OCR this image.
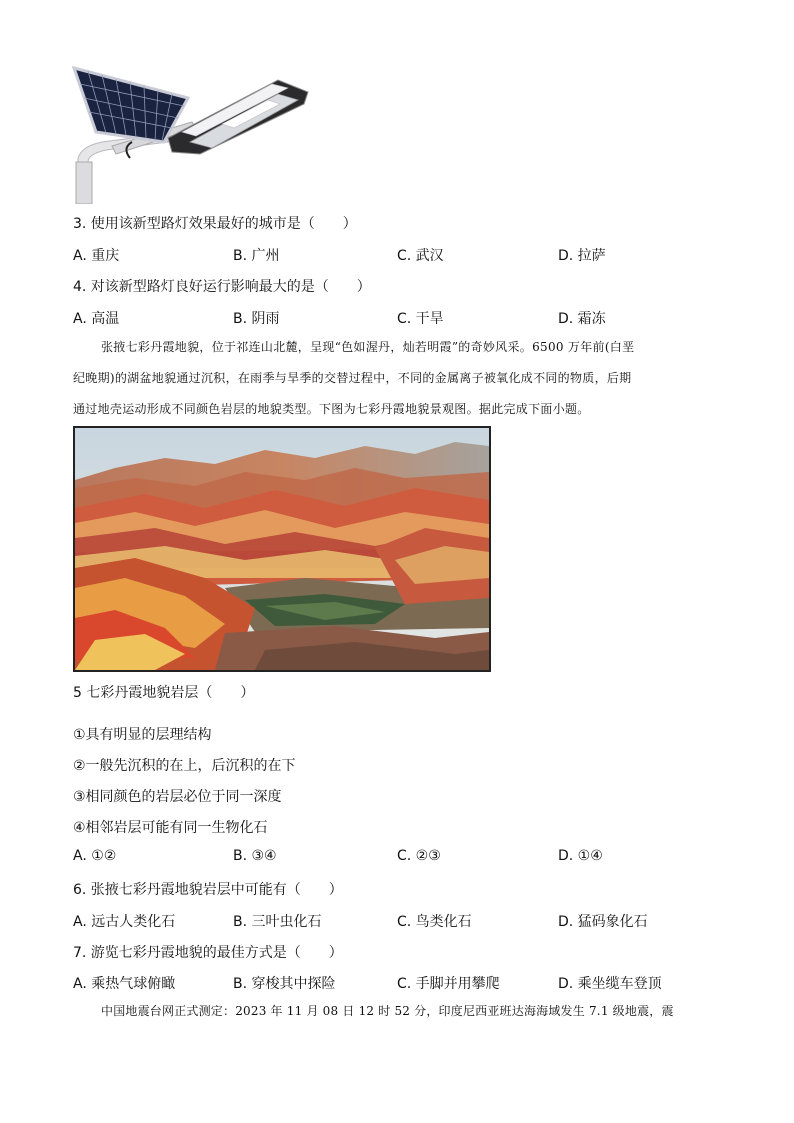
3. 使用该新型路灯效果最好的城市是（　　）
A. 重庆	B. 广州	C. 武汉	D. 拉萨
4. 对该新型路灯良好运行影响最大的是（　　）
A. 高温	B. 阴雨	C. 干旱	D. 霜冻
张掖七彩丹霞地貌，位于祁连山北麓，呈现“色如渥丹，灿若明霞”的奇妙风采。6500 万年前(白垩
纪晚期)的湖盆地貌通过沉积，在雨季与旱季的交替过程中，不同的金属离子被氧化成不同的物质，后期
通过地壳运动形成不同颜色岩层的地貌类型。下图为七彩丹霞地貌景观图。据此完成下面小题。
5 七彩丹霞地貌岩层（　　）
①具有明显的层理结构
②一般先沉积的在上，后沉积的在下
③相同颜色的岩层必位于同一深度
④相邻岩层可能有同一生物化石
A. ①②	B. ③④	C. ②③	D. ①④
6. 张掖七彩丹霞地貌岩层中可能有（　　）
A. 远古人类化石	B. 三叶虫化石	C. 鸟类化石	D. 猛码象化石
7. 游览七彩丹霞地貌的最佳方式是（　　）
A. 乘热气球俯瞰	B. 穿梭其中探险	C. 手脚并用攀爬	D. 乘坐缆车登顶
中国地震台网正式测定：2023 年 11 月 08 日 12 时 52 分，印度尼西亚班达海海域发生 7.1 级地震，震
